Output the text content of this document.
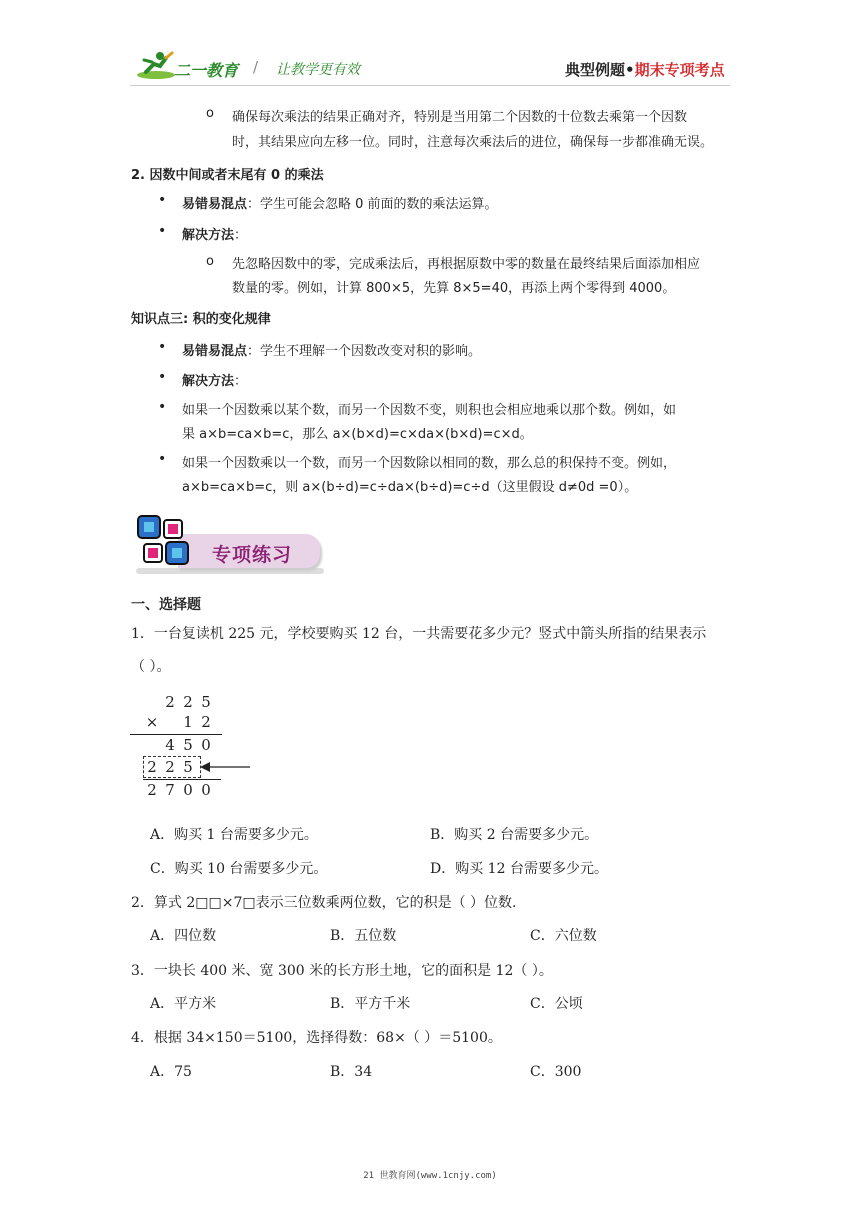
二一教育 / 让教学更有效	典型例题•期末专项考点
o 确保每次乘法的结果正确对齐，特别是当用第二个因数的十位数去乘第一个因数
时，其结果应向左移一位。同时，注意每次乘法后的进位，确保每一步都准确无误。
2. 因数中间或者末尾有 0 的乘法
• 易错易混点：学生可能会忽略 0 前面的数的乘法运算。
• 解决方法：
o 先忽略因数中的零，完成乘法后，再根据原数中零的数量在最终结果后面添加相应
数量的零。例如，计算 800×5，先算 8×5=40，再添上两个零得到 4000。
知识点三: 积的变化规律
• 易错易混点：学生不理解一个因数改变对积的影响。
• 解决方法：
• 如果一个因数乘以某个数，而另一个因数不变，则积也会相应地乘以那个数。例如，如
果 a×b=ca×b=c，那么 a×(b×d)=c×da×(b×d)=c×d。
• 如果一个因数乘以一个数，而另一个因数除以相同的数，那么总的积保持不变。例如，
a×b=ca×b=c，则 a×(b÷d)=c÷da×(b÷d)=c÷d（这里假设 d≠0d =0）。
专项练习
一、选择题
1．一台复读机 225 元，学校要购买 12 台，一共需要花多少元？竖式中箭头所指的结果表示
（ ）。
2 2 5
× 1 2
4 5 0
2 2 5
2 7 0 0
A．购买 1 台需要多少元。	B．购买 2 台需要多少元。
C．购买 10 台需要多少元。	D．购买 12 台需要多少元。
2．算式 2□□×7□表示三位数乘两位数，它的积是（ ）位数.
A．四位数	B．五位数	C．六位数
3．一块长 400 米、宽 300 米的长方形土地，它的面积是 12（ ）。
A．平方米	B．平方千米	C．公顷
4．根据 34×150＝5100，选择得数：68×（ ）＝5100。
A．75	B．34	C．300
21 世教育网(www.1cnjy.com)
